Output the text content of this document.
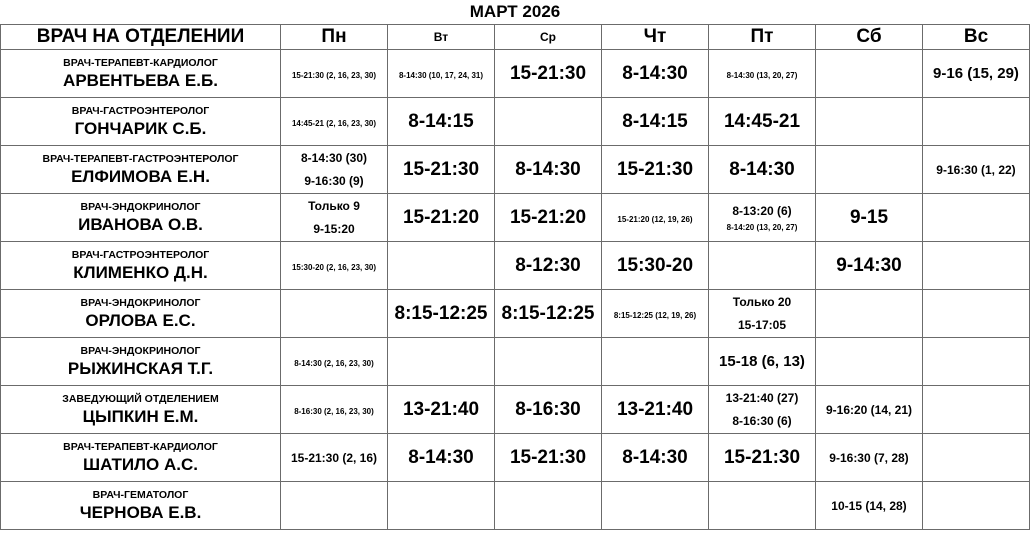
МАРТ 2026
ВРАЧ НА ОТДЕЛЕНИИ	Пн	Вт	Ср	Чт	Пт	Сб	Вс

ВРАЧ-ТЕРАПЕВТ-КАРДИОЛОГ
АРВЕНТЬЕВА Е.Б.	15-21:30 (2, 16, 23, 30)	8-14:30 (10, 17, 24, 31)	15-21:30	8-14:30	8-14:30 (13, 20, 27)		9-16 (15, 29)

ВРАЧ-ГАСТРОЭНТЕРОЛОГ
ГОНЧАРИК С.Б.	14:45-21 (2, 16, 23, 30)	8-14:15		8-14:15	14:45-21		

ВРАЧ-ТЕРАПЕВТ-ГАСТРОЭНТЕРОЛОГ
ЕЛФИМОВА Е.Н.	8-14:30 (30)
9-16:30 (9)	15-21:30	8-14:30	15-21:30	8-14:30		9-16:30 (1, 22)

ВРАЧ-ЭНДОКРИНОЛОГ
ИВАНОВА О.В.	Только 9
9-15:20	15-21:20	15-21:20	15-21:20 (12, 19, 26)	8-13:20 (6)
8-14:20 (13, 20, 27)	9-15	

ВРАЧ-ГАСТРОЭНТЕРОЛОГ
КЛИМЕНКО Д.Н.	15:30-20 (2, 16, 23, 30)		8-12:30	15:30-20		9-14:30	

ВРАЧ-ЭНДОКРИНОЛОГ
ОРЛОВА Е.С.		8:15-12:25	8:15-12:25	8:15-12:25 (12, 19, 26)	Только 20
15-17:05		

ВРАЧ-ЭНДОКРИНОЛОГ
РЫЖИНСКАЯ Т.Г.	8-14:30 (2, 16, 23, 30)				15-18 (6, 13)		

ЗАВЕДУЮЩИЙ ОТДЕЛЕНИЕМ
ЦЫПКИН Е.М.	8-16:30 (2, 16, 23, 30)	13-21:40	8-16:30	13-21:40	13-21:40 (27)
8-16:30 (6)	9-16:20 (14, 21)	

ВРАЧ-ТЕРАПЕВТ-КАРДИОЛОГ
ШАТИЛО А.С.	15-21:30 (2, 16)	8-14:30	15-21:30	8-14:30	15-21:30	9-16:30 (7, 28)	

ВРАЧ-ГЕМАТОЛОГ
ЧЕРНОВА Е.В.						10-15 (14, 28)	
